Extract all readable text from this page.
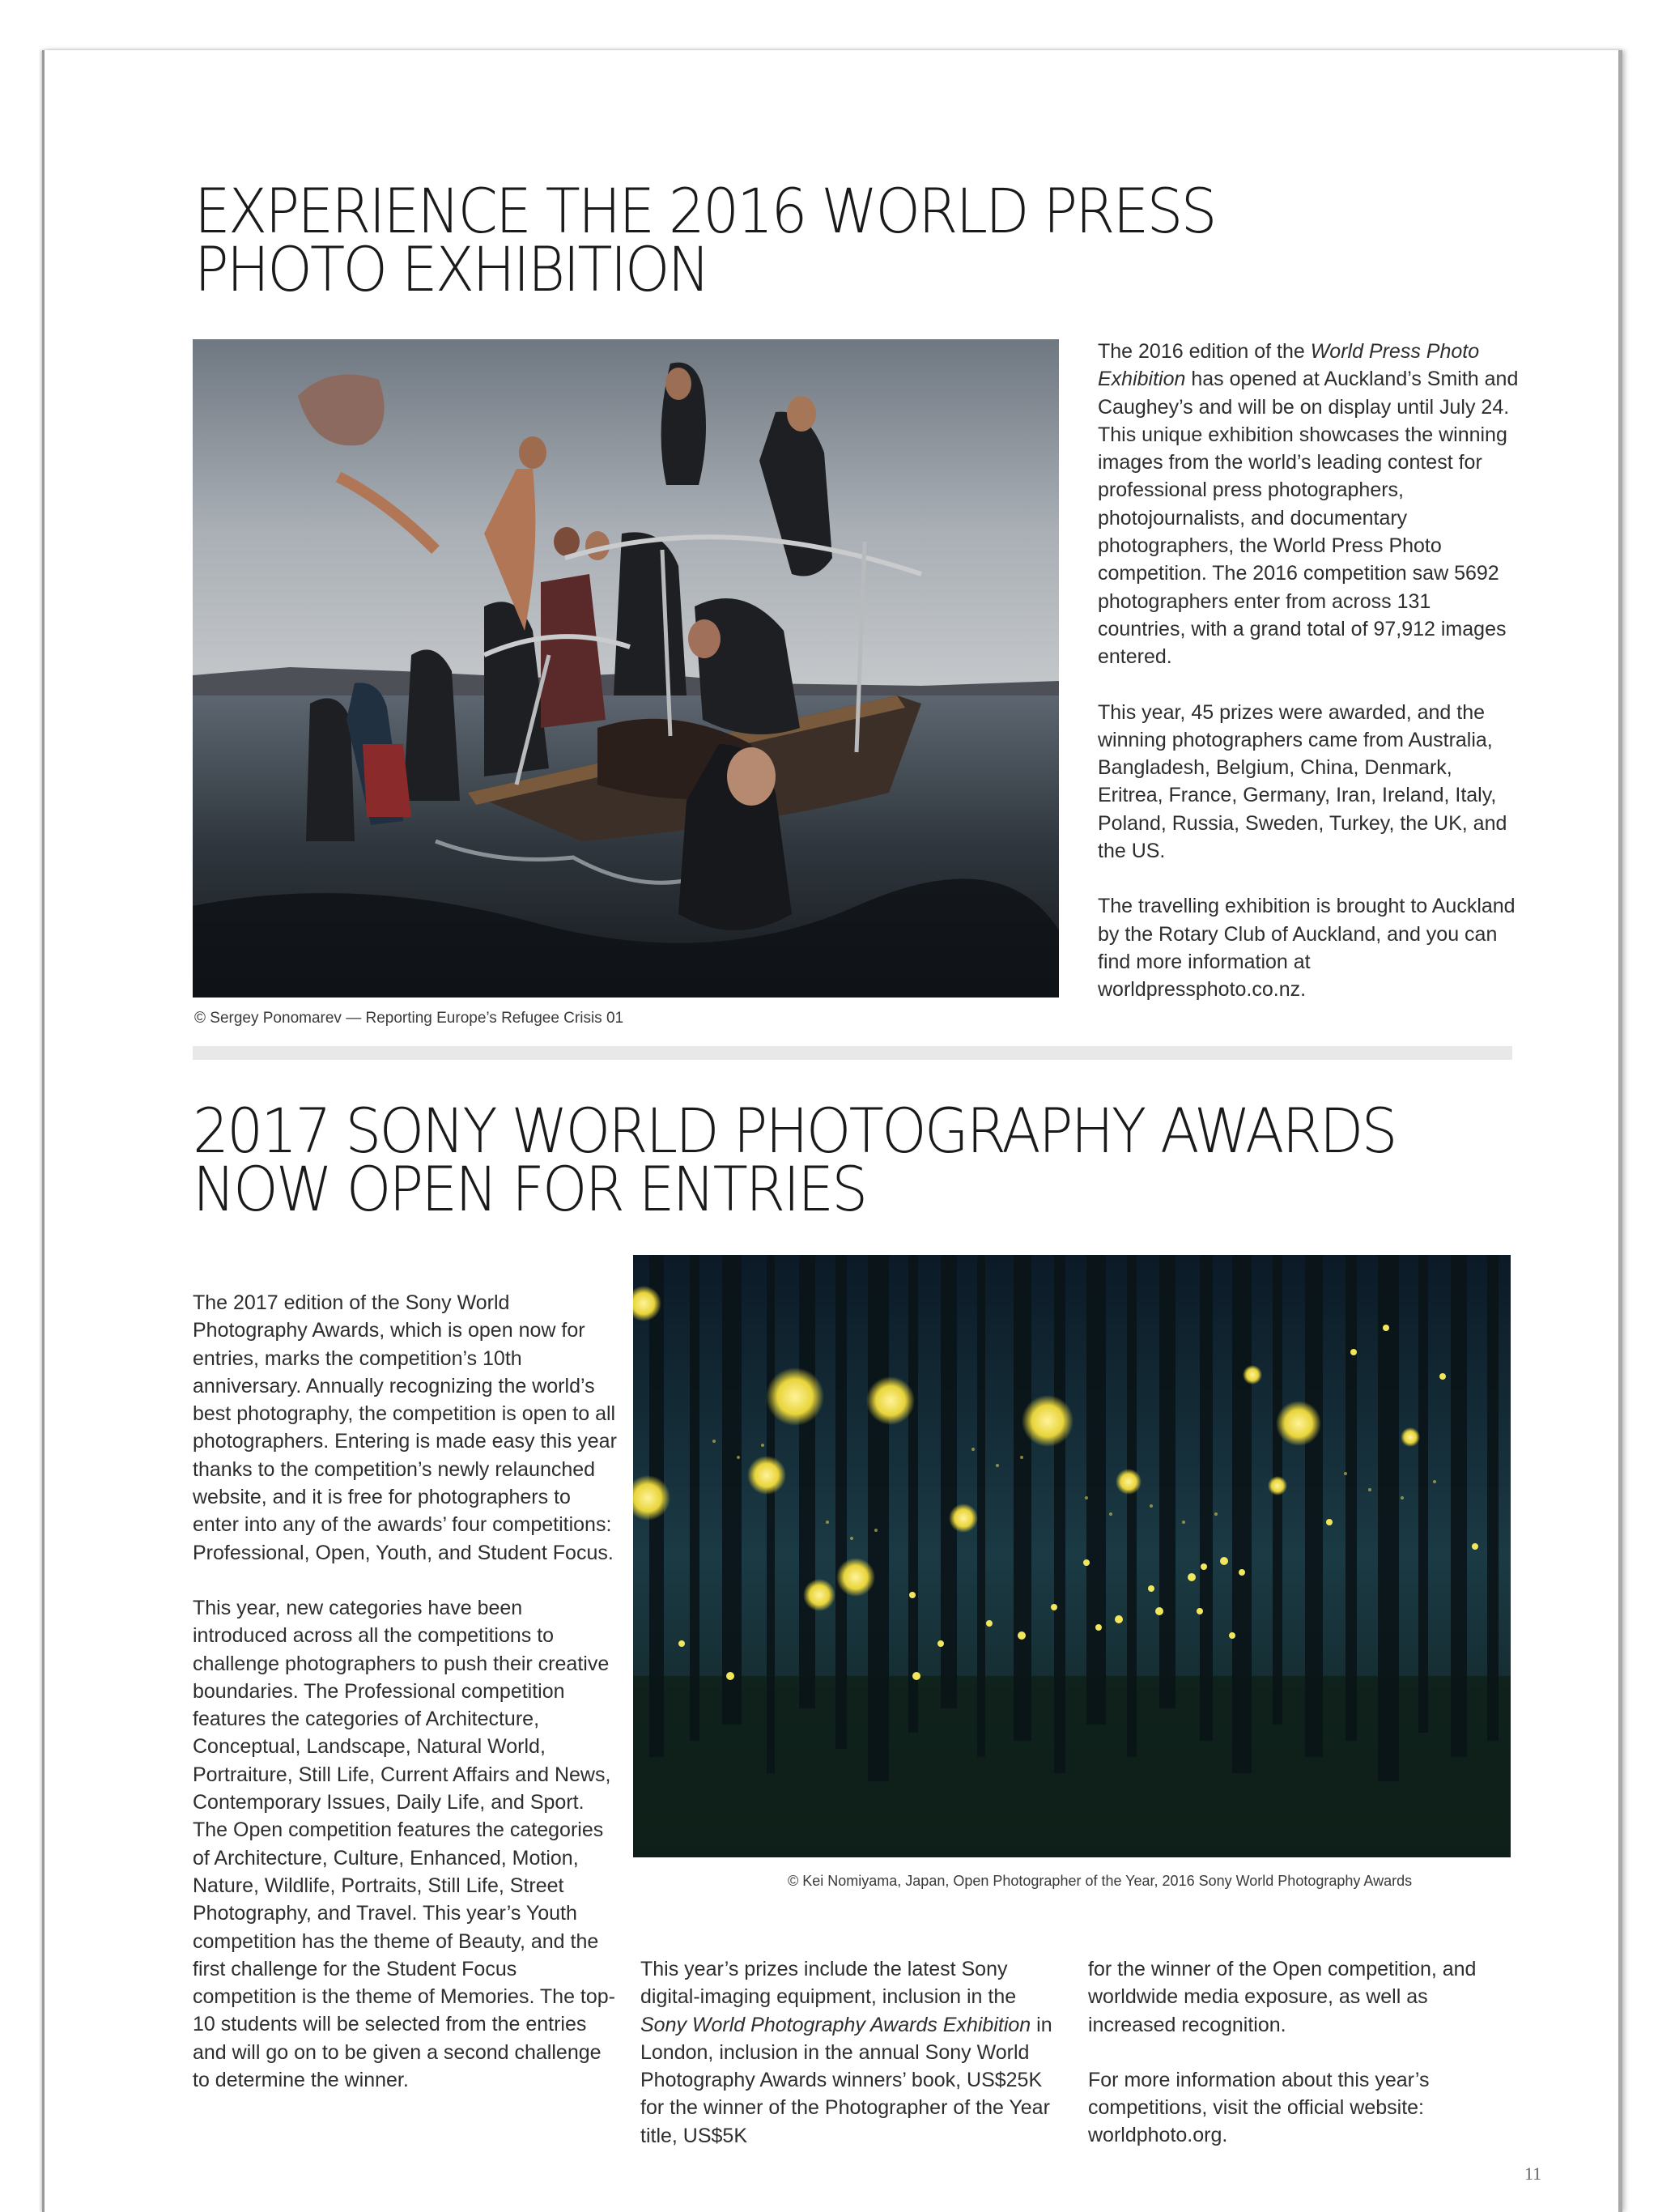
EXPERIENCE THE 2016 WORLD PRESS
PHOTO EXHIBITION

The 2016 edition of the World Press Photo Exhibition has opened at Auckland’s Smith and Caughey’s and will be on display until July 24. This unique exhibition showcases the winning images from the world’s leading contest for professional press photographers, photojournalists, and documentary photographers, the World Press Photo competition. The 2016 competition saw 5692 photographers enter from across 131 countries, with a grand total of 97,912 images entered.

This year, 45 prizes were awarded, and the winning photographers came from Australia, Bangladesh, Belgium, China, Denmark, Eritrea, France, Germany, Iran, Ireland, Italy, Poland, Russia, Sweden, Turkey, the UK, and the US.

The travelling exhibition is brought to Auckland by the Rotary Club of Auckland, and you can find more information at worldpressphoto.co.nz.

© Sergey Ponomarev — Reporting Europe’s Refugee Crisis 01
2017 SONY WORLD PHOTOGRAPHY AWARDS
NOW OPEN FOR ENTRIES

The 2017 edition of the Sony World Photography Awards, which is open now for entries, marks the competition’s 10th anniversary. Annually recognizing the world’s best photography, the competition is open to all photographers. Entering is made easy this year thanks to the competition’s newly relaunched website, and it is free for photographers to enter into any of the awards’ four competitions: Professional, Open, Youth, and Student Focus.

This year, new categories have been introduced across all the competitions to challenge photographers to push their creative boundaries. The Professional competition features the categories of Architecture, Conceptual, Landscape, Natural World, Portraiture, Still Life, Current Affairs and News, Contemporary Issues, Daily Life, and Sport. The Open competition features the categories of Architecture, Culture, Enhanced, Motion, Nature, Wildlife, Portraits, Still Life, Street Photography, and Travel. This year’s Youth competition has the theme of Beauty, and the first challenge for the Student Focus competition is the theme of Memories. The top-10 students will be selected from the entries and will go on to be given a second challenge to determine the winner.

© Kei Nomiyama, Japan, Open Photographer of the Year, 2016 Sony World Photography Awards

This year’s prizes include the latest Sony digital-imaging equipment, inclusion in the Sony World Photography Awards Exhibition in London, inclusion in the annual Sony World Photography Awards winners’ book, US$25K for the winner of the Photographer of the Year title, US$5K

for the winner of the Open competition, and worldwide media exposure, as well as increased recognition.

For more information about this year’s competitions, visit the official website: worldphoto.org.

11
